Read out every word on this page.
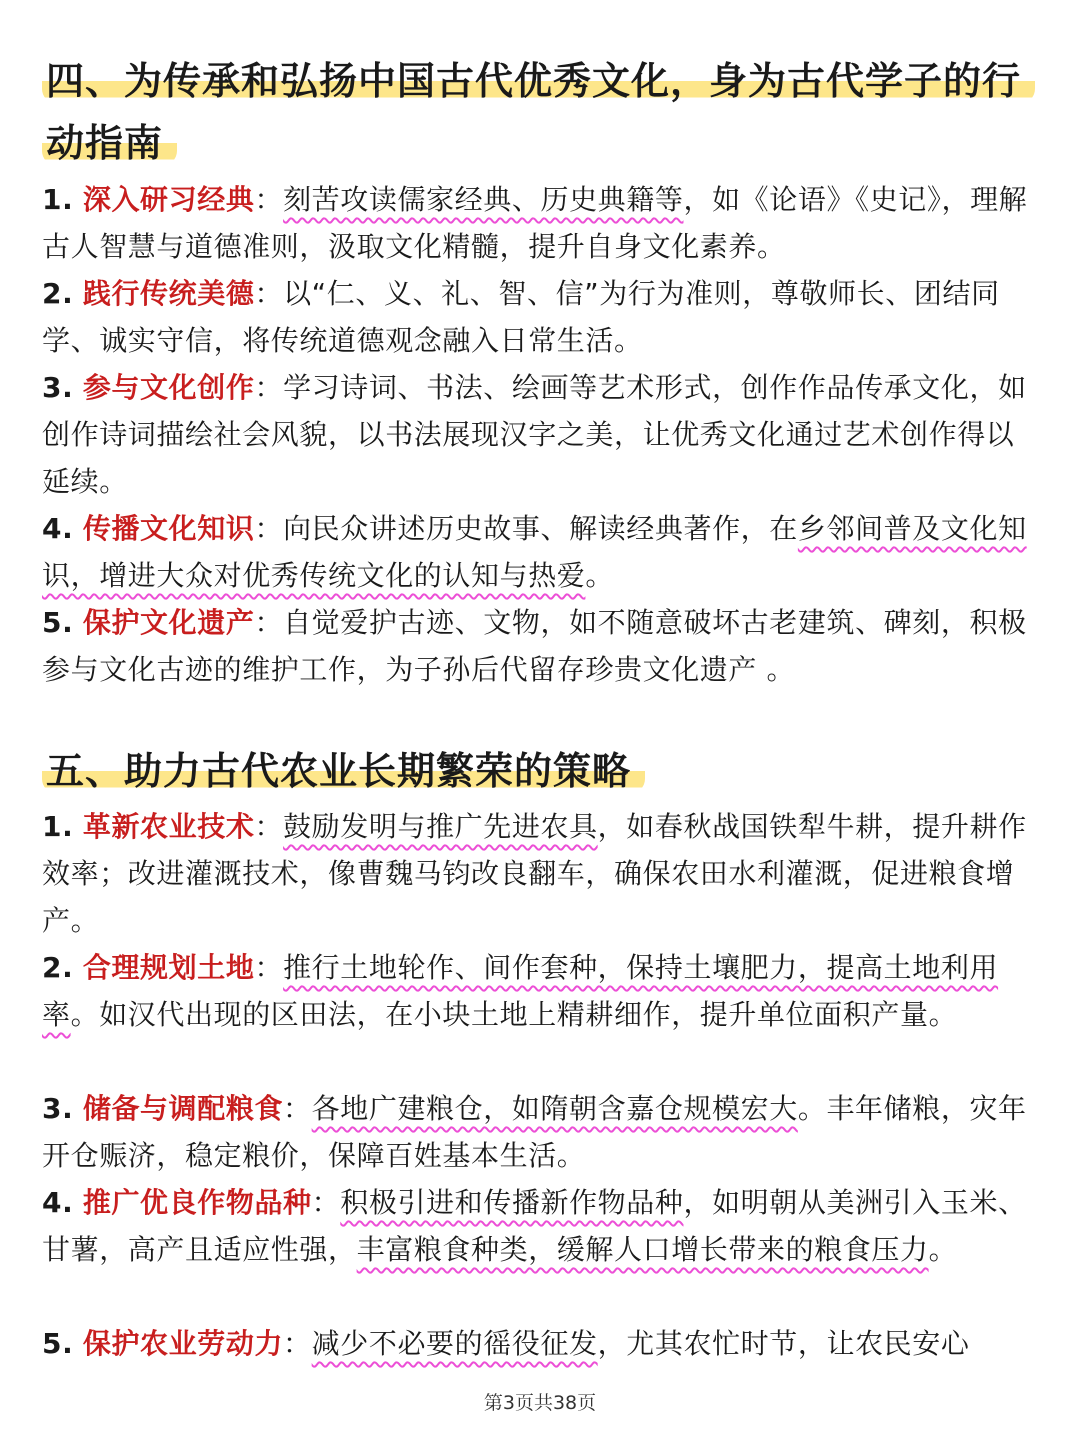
四、为传承和弘扬中国古代优秀文化，身为古代学子的行动指南

1. 深入研习经典：刻苦攻读儒家经典、历史典籍等，如《论语》《史记》，理解古人智慧与道德准则，汲取文化精髓，提升自身文化素养。

2. 践行传统美德：以“仁、义、礼、智、信”为行为准则，尊敬师长、团结同学、诚实守信，将传统道德观念融入日常生活。

3. 参与文化创作：学习诗词、书法、绘画等艺术形式，创作作品传承文化，如创作诗词描绘社会风貌，以书法展现汉字之美，让优秀文化通过艺术创作得以延续。

4. 传播文化知识：向民众讲述历史故事、解读经典著作，在乡邻间普及文化知识，增进大众对优秀传统文化的认知与热爱。

5. 保护文化遗产：自觉爱护古迹、文物，如不随意破坏古老建筑、碑刻，积极参与文化古迹的维护工作，为子孙后代留存珍贵文化遗产 。

五、助力古代农业长期繁荣的策略

1. 革新农业技术：鼓励发明与推广先进农具，如春秋战国铁犁牛耕，提升耕作效率；改进灌溉技术，像曹魏马钧改良翻车，确保农田水利灌溉，促进粮食增产。

2. 合理规划土地：推行土地轮作、间作套种，保持土壤肥力，提高土地利用率。如汉代出现的区田法，在小块土地上精耕细作，提升单位面积产量。

3. 储备与调配粮食：各地广建粮仓，如隋朝含嘉仓规模宏大。丰年储粮，灾年开仓赈济，稳定粮价，保障百姓基本生活。

4. 推广优良作物品种：积极引进和传播新作物品种，如明朝从美洲引入玉米、甘薯，高产且适应性强，丰富粮食种类，缓解人口增长带来的粮食压力。

5. 保护农业劳动力：减少不必要的徭役征发，尤其农忙时节，让农民安心

第3页共38页
